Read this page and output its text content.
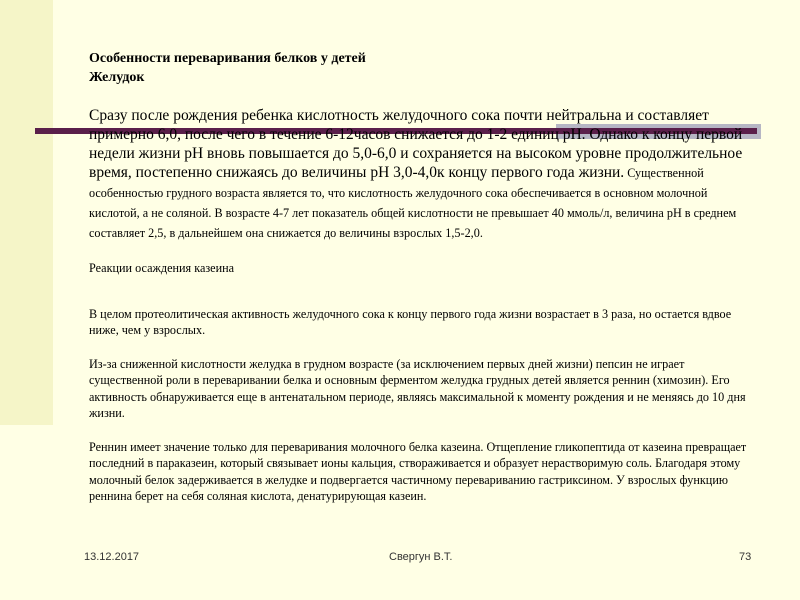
Особенности переваривания белков у детей
Желудок
Сразу после рождения ребенка кислотность желудочного сока почти нейтральна и составляет примерно 6,0, после чего в течение 6-12часов снижается до 1-2 единиц pH. Однако к концу первой недели жизни pH вновь повышается до 5,0-6,0 и сохраняется на высоком уровне продолжительное время, постепенно снижаясь до величины pH 3,0-4,0к концу первого года жизни. Существенной особенностью грудного возраста является то, что кислотность желудочного сока обеспечивается в основном молочной кислотой, а не соляной. В возрасте 4-7 лет показатель общей кислотности не превышает 40 ммоль/л, величина pH в среднем составляет 2,5, в дальнейшем она снижается до величины взрослых 1,5-2,0.
Реакции осаждения казеина
В целом протеолитическая активность желудочного сока к концу первого года жизни возрастает в 3 раза, но остается вдвое ниже, чем у взрослых.
Из-за сниженной кислотности желудка в грудном возрасте (за исключением первых дней жизни) пепсин не играет существенной роли в переваривании белка и основным ферментом желудка грудных детей является реннин (химозин). Его активность обнаруживается еще в антенатальном периоде, являясь максимальной к моменту рождения и не меняясь до 10 дня жизни.
Реннин имеет значение только для переваривания молочного белка казеина. Отщепление гликопептида от казеина превращает последний в параказеин, который связывает ионы кальция, створаживается и образует нерастворимую соль. Благодаря этому молочный белок задерживается в желудке и подвергается частичному перевариванию гастриксином. У взрослых функцию реннина берет на себя соляная кислота, денатурирующая казеин.
13.12.2017	Свергун В.Т.	73
